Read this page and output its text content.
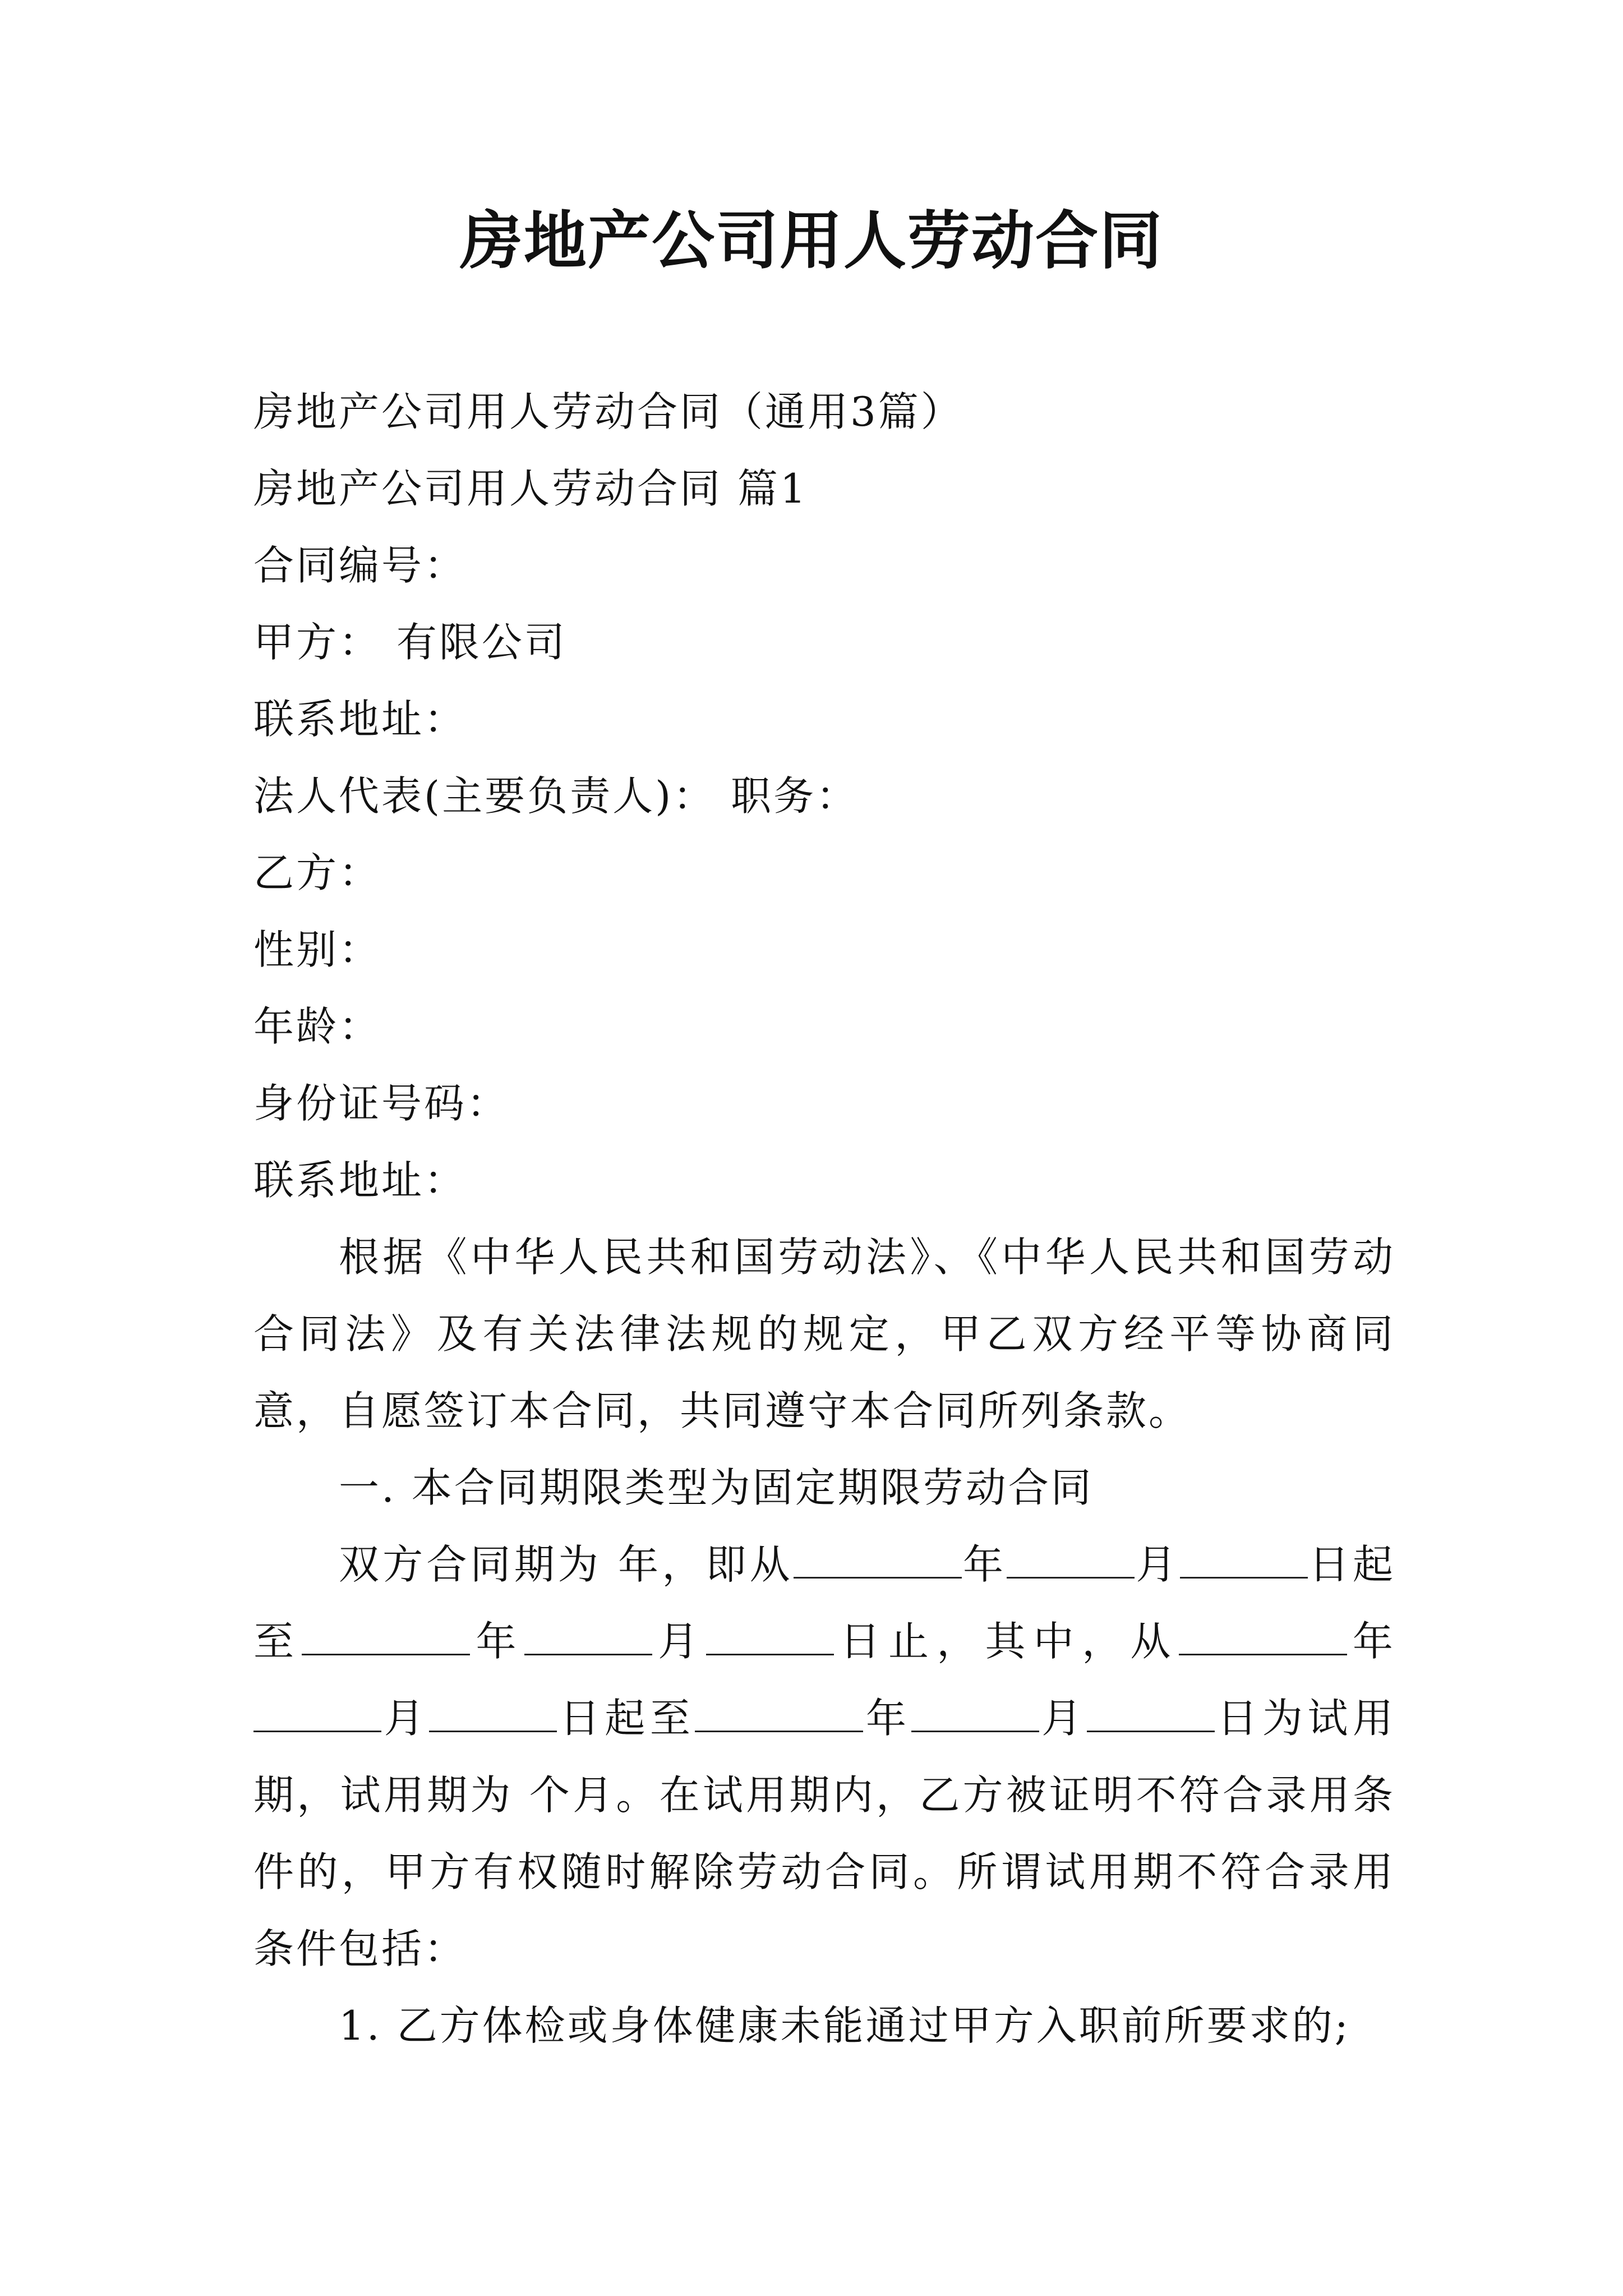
房地产公司用人劳动合同

房地产公司用人劳动合同（通用3篇）

房地产公司用人劳动合同 篇1

合同编号：

甲方： 有限公司

联系地址：

法人代表(主要负责人)： 职务：

乙方：

性别：

年龄：

身份证号码：

联系地址：

根据《中华人民共和国劳动法》、《中华人民共和国劳动合同法》及有关法律法规的规定，甲乙双方经平等协商同意，自愿签订本合同，共同遵守本合同所列条款。

一. 本合同期限类型为固定期限劳动合同

双方合同期为 年，即从	年	月	日起至	年	月	日止，其中，从	年月	日起至	年	月	日为试用期，试用期为 个月。在试用期内，乙方被证明不符合录用条件的，甲方有权随时解除劳动合同。所谓试用期不符合录用条件包括：

1. 乙方体检或身体健康未能通过甲方入职前所要求的;
